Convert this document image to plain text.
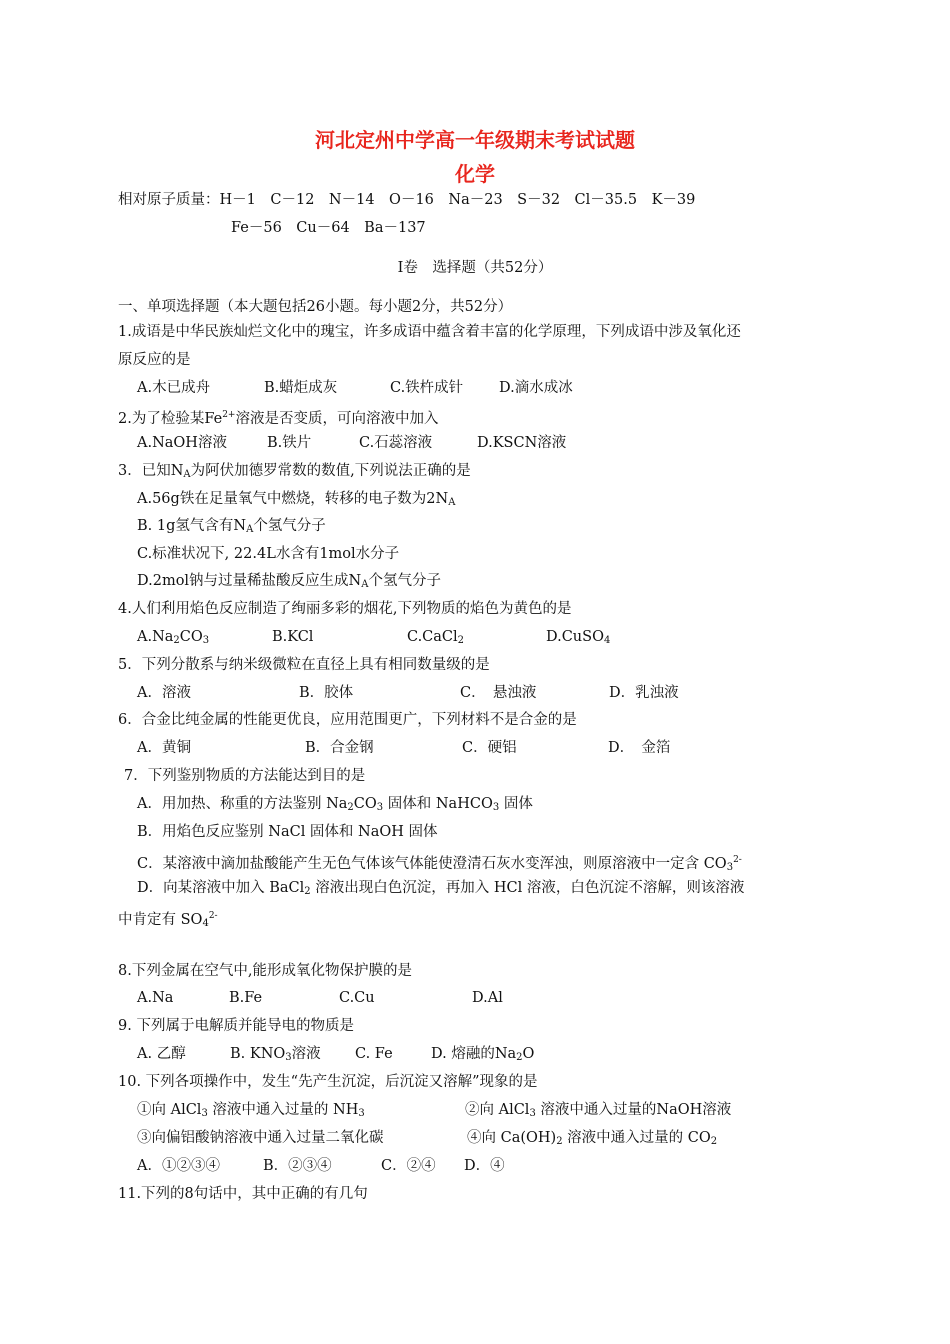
河北定州中学高一年级期末考试试题
化学
相对原子质量：H－1　C－12　N－14　O－16　Na－23　S－32　Cl－35.5　K－39
Fe－56　Cu－64　Ba－137
Ⅰ卷　选择题（共52分）
一、单项选择题（本大题包括26小题。每小题2分，共52分）
1.成语是中华民族灿烂文化中的瑰宝，许多成语中蕴含着丰富的化学原理，下列成语中涉及氧化还
原反应的是
A.木已成舟	B.蜡炬成灰	C.铁杵成针 D.滴水成冰
2.为了检验某$Fe^{2+}$溶液是否变质，可向溶液中加入
A.NaOH溶液	B.铁片	C.石蕊溶液	D.KSCN溶液
3．已知$N_A$为阿伏加德罗常数的数值,下列说法正确的是
A.56g铁在足量氧气中燃烧，转移的电子数为$2N_A$
B. 1g氢气含有$N_A$个氢气分子
C.标准状况下, 22.4L水含有1mol水分子
D.2mol钠与过量稀盐酸反应生成$N_A$个氢气分子
4.人们利用焰色反应制造了绚丽多彩的烟花,下列物质的焰色为黄色的是
$A.Na_2CO_3$	B.KCl	C.CaCl$_2$	D.CuSO$_4$
5．下列分散系与纳米级微粒在直径上具有相同数量级的是
A．溶液	B．胶体	C．　悬浊液	D．乳浊液
6．合金比纯金属的性能更优良，应用范围更广，下列材料不是合金的是
A．黄铜	B．合金钢	C．硬铝	D．　金箔
7．下列鉴别物质的方法能达到目的是
A．用加热、称重的方法鉴别 $Na_2CO_3$ 固体和 NaHCO$_3$ 固体
B．用焰色反应鉴别 NaCl 固体和 NaOH 固体
C．某溶液中滴加盐酸能产生无色气体该气体能使澄清石灰水变浑浊，则原溶液中一定含 $CO_3^{2-}$
D．向某溶液中加入 BaCl$_2$ 溶液出现白色沉淀，再加入 HCl 溶液，白色沉淀不溶解，则该溶液
中肯定有 $SO_4^{2-}$
8.下列金属在空气中,能形成氧化物保护膜的是
A.Na	B.Fe	C.Cu	D.Al
9. 下列属于电解质并能导电的物质是
A. 乙醇	B. $KNO_3$溶液 C. Fe	D. 熔融的$Na_2O$
10. 下列各项操作中，发生“先产生沉淀，后沉淀又溶解”现象的是
①向 AlCl$_3$ 溶液中通入过量的 $NH_3$	②向 AlCl$_3$ 溶液中通入过量的NaOH溶液
③向偏铝酸钠溶液中通入过量二氧化碳	④向 $Ca(OH)_2$ 溶液中通入过量的 $CO_2$
A．①②③④	B．②③④	C．②④ D．④
11.下列的8句话中，其中正确的有几句
